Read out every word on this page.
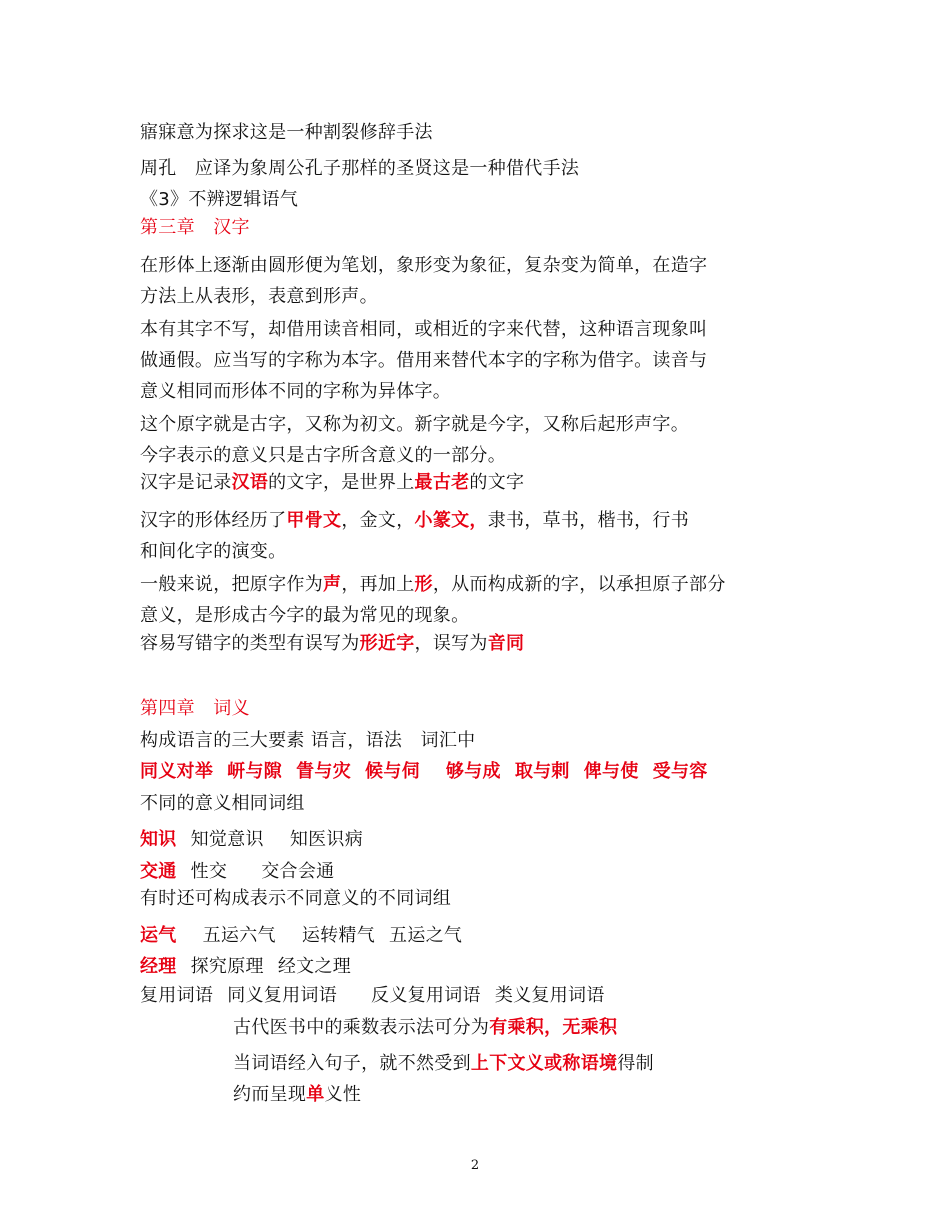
寤寐意为探求这是一种割裂修辞手法
周孔　应译为象周公孔子那样的圣贤这是一种借代手法
《3》不辨逻辑语气
第三章　汉字
在形体上逐渐由圆形便为笔划，象形变为象征，复杂变为简单，在造字
方法上从表形，表意到形声。
本有其字不写，却借用读音相同，或相近的字来代替，这种语言现象叫
做通假。应当写的字称为本字。借用来替代本字的字称为借字。读音与
意义相同而形体不同的字称为异体字。
这个原字就是古字，又称为初文。新字就是今字，又称后起形声字。
今字表示的意义只是古字所含意义的一部分。
汉字是记录汉语的文字，是世界上最古老的文字
汉字的形体经历了甲骨文，金文，小篆文，隶书，草书，楷书，行书
和间化字的演变。
一般来说，把原字作为声，再加上形，从而构成新的字，以承担原子部分
意义，是形成古今字的最为常见的现象。
容易写错字的类型有误写为形近字，误写为音同
第四章　词义
构成语言的三大要素 语言，语法　词汇中
同义对举 岍与隙 眚与灾 候与伺 够与成 取与剌 俾与使 受与容
不同的意义相同词组
知识 知觉意识 知医识病
交通 性交 交合会通
有时还可构成表示不同意义的不同词组
运气 五运六气 运转精气 五运之气
经理 探究原理 经文之理
复用词语 同义复用词语 反义复用词语 类义复用词语
古代医书中的乘数表示法可分为有乘积，无乘积
当词语经入句子，就不然受到上下文义或称语境得制
约而呈现单义性
2
